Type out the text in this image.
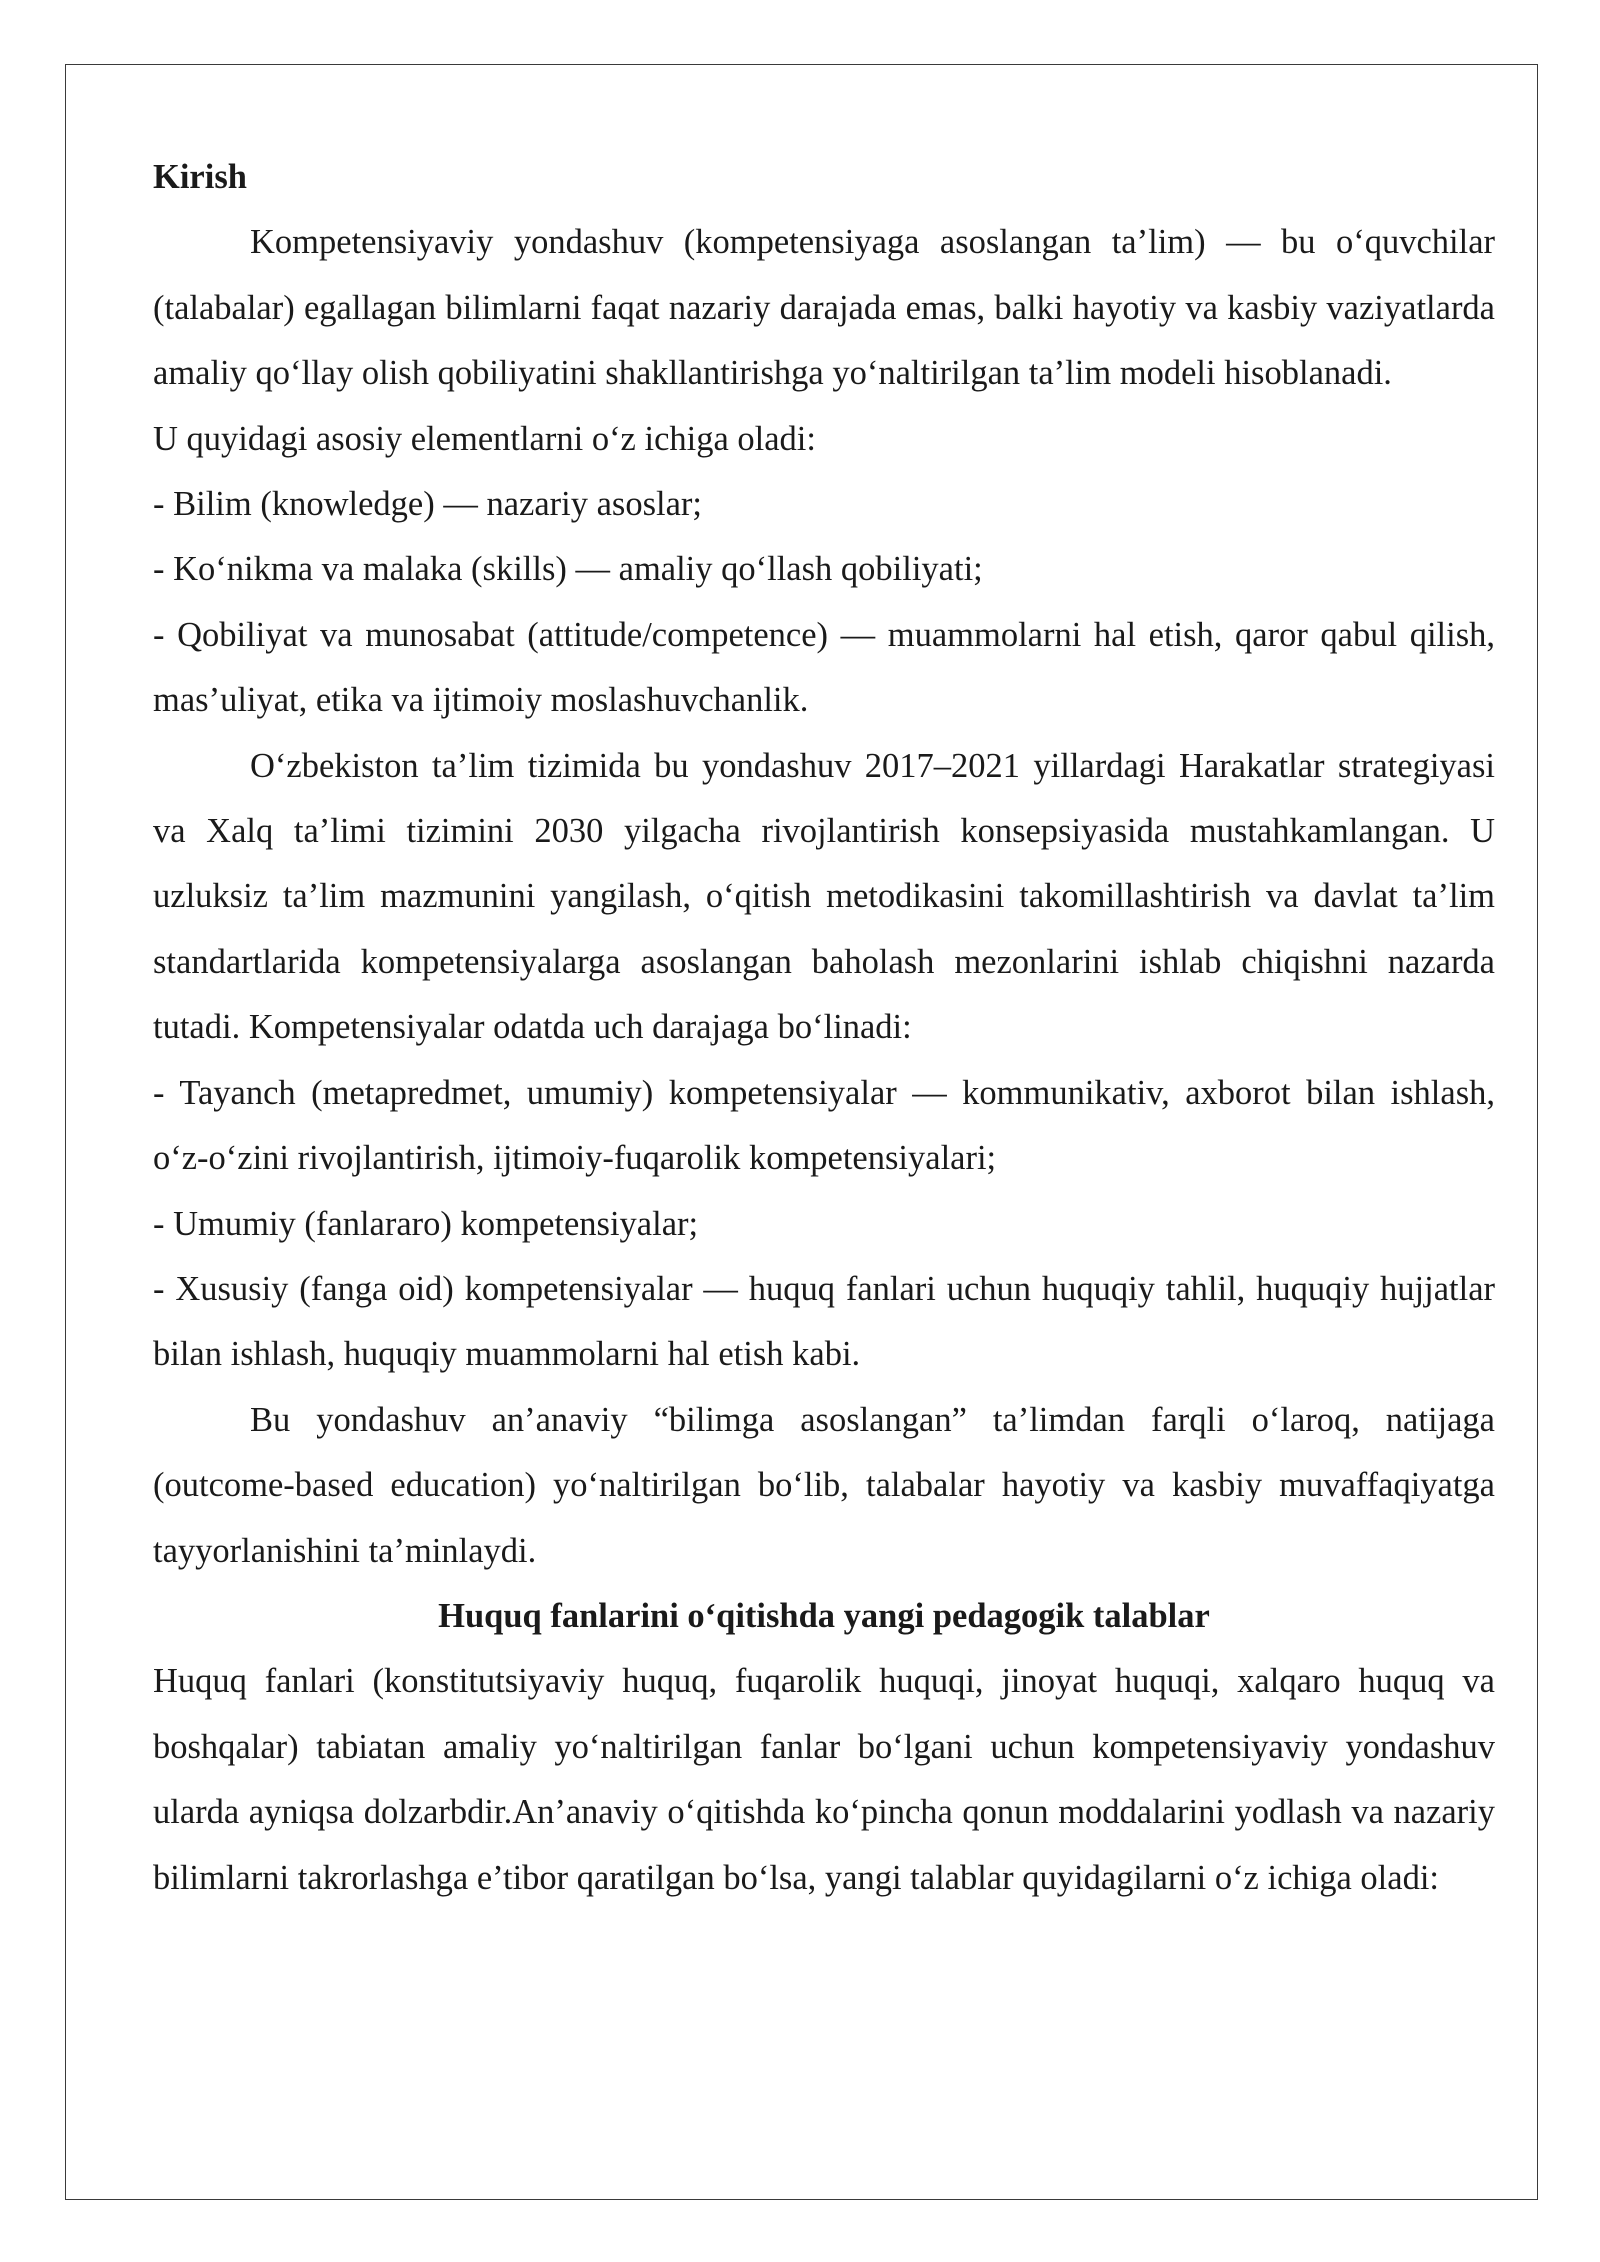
Kirish

Kompetensiyaviy yondashuv (kompetensiyaga asoslangan ta’lim) — bu o‘quvchilar (talabalar) egallagan bilimlarni faqat nazariy darajada emas, balki hayotiy va kasbiy vaziyatlarda amaliy qo‘llay olish qobiliyatini shakllantirishga yo‘naltirilgan ta’lim modeli hisoblanadi.

U quyidagi asosiy elementlarni o‘z ichiga oladi:

- Bilim (knowledge) — nazariy asoslar;

- Ko‘nikma va malaka (skills) — amaliy qo‘llash qobiliyati;

- Qobiliyat va munosabat (attitude/competence) — muammolarni hal etish, qaror qabul qilish, mas’uliyat, etika va ijtimoiy moslashuvchanlik.

O‘zbekiston ta’lim tizimida bu yondashuv 2017–2021 yillardagi Harakatlar strategiyasi va Xalq ta’limi tizimini 2030 yilgacha rivojlantirish konsepsiyasida mustahkamlangan. U uzluksiz ta’lim mazmunini yangilash, o‘qitish metodikasini takomillashtirish va davlat ta’lim standartlarida kompetensiyalarga asoslangan baholash mezonlarini ishlab chiqishni nazarda tutadi. Kompetensiyalar odatda uch darajaga bo‘linadi:

- Tayanch (metapredmet, umumiy) kompetensiyalar — kommunikativ, axborot bilan ishlash, o‘z-o‘zini rivojlantirish, ijtimoiy-fuqarolik kompetensiyalari;

- Umumiy (fanlararo) kompetensiyalar;

- Xususiy (fanga oid) kompetensiyalar — huquq fanlari uchun huquqiy tahlil, huquqiy hujjatlar bilan ishlash, huquqiy muammolarni hal etish kabi.

Bu yondashuv an’anaviy “bilimga asoslangan” ta’limdan farqli o‘laroq, natijaga (outcome-based education) yo‘naltirilgan bo‘lib, talabalar hayotiy va kasbiy muvaffaqiyatga tayyorlanishini ta’minlaydi.

Huquq fanlarini o‘qitishda yangi pedagogik talablar

Huquq fanlari (konstitutsiyaviy huquq, fuqarolik huquqi, jinoyat huquqi, xalqaro huquq va boshqalar) tabiatan amaliy yo‘naltirilgan fanlar bo‘lgani uchun kompetensiyaviy yondashuv ularda ayniqsa dolzarbdir.An’anaviy o‘qitishda ko‘pincha qonun moddalarini yodlash va nazariy bilimlarni takrorlashga e’tibor qaratilgan bo‘lsa, yangi talablar quyidagilarni o‘z ichiga oladi:
